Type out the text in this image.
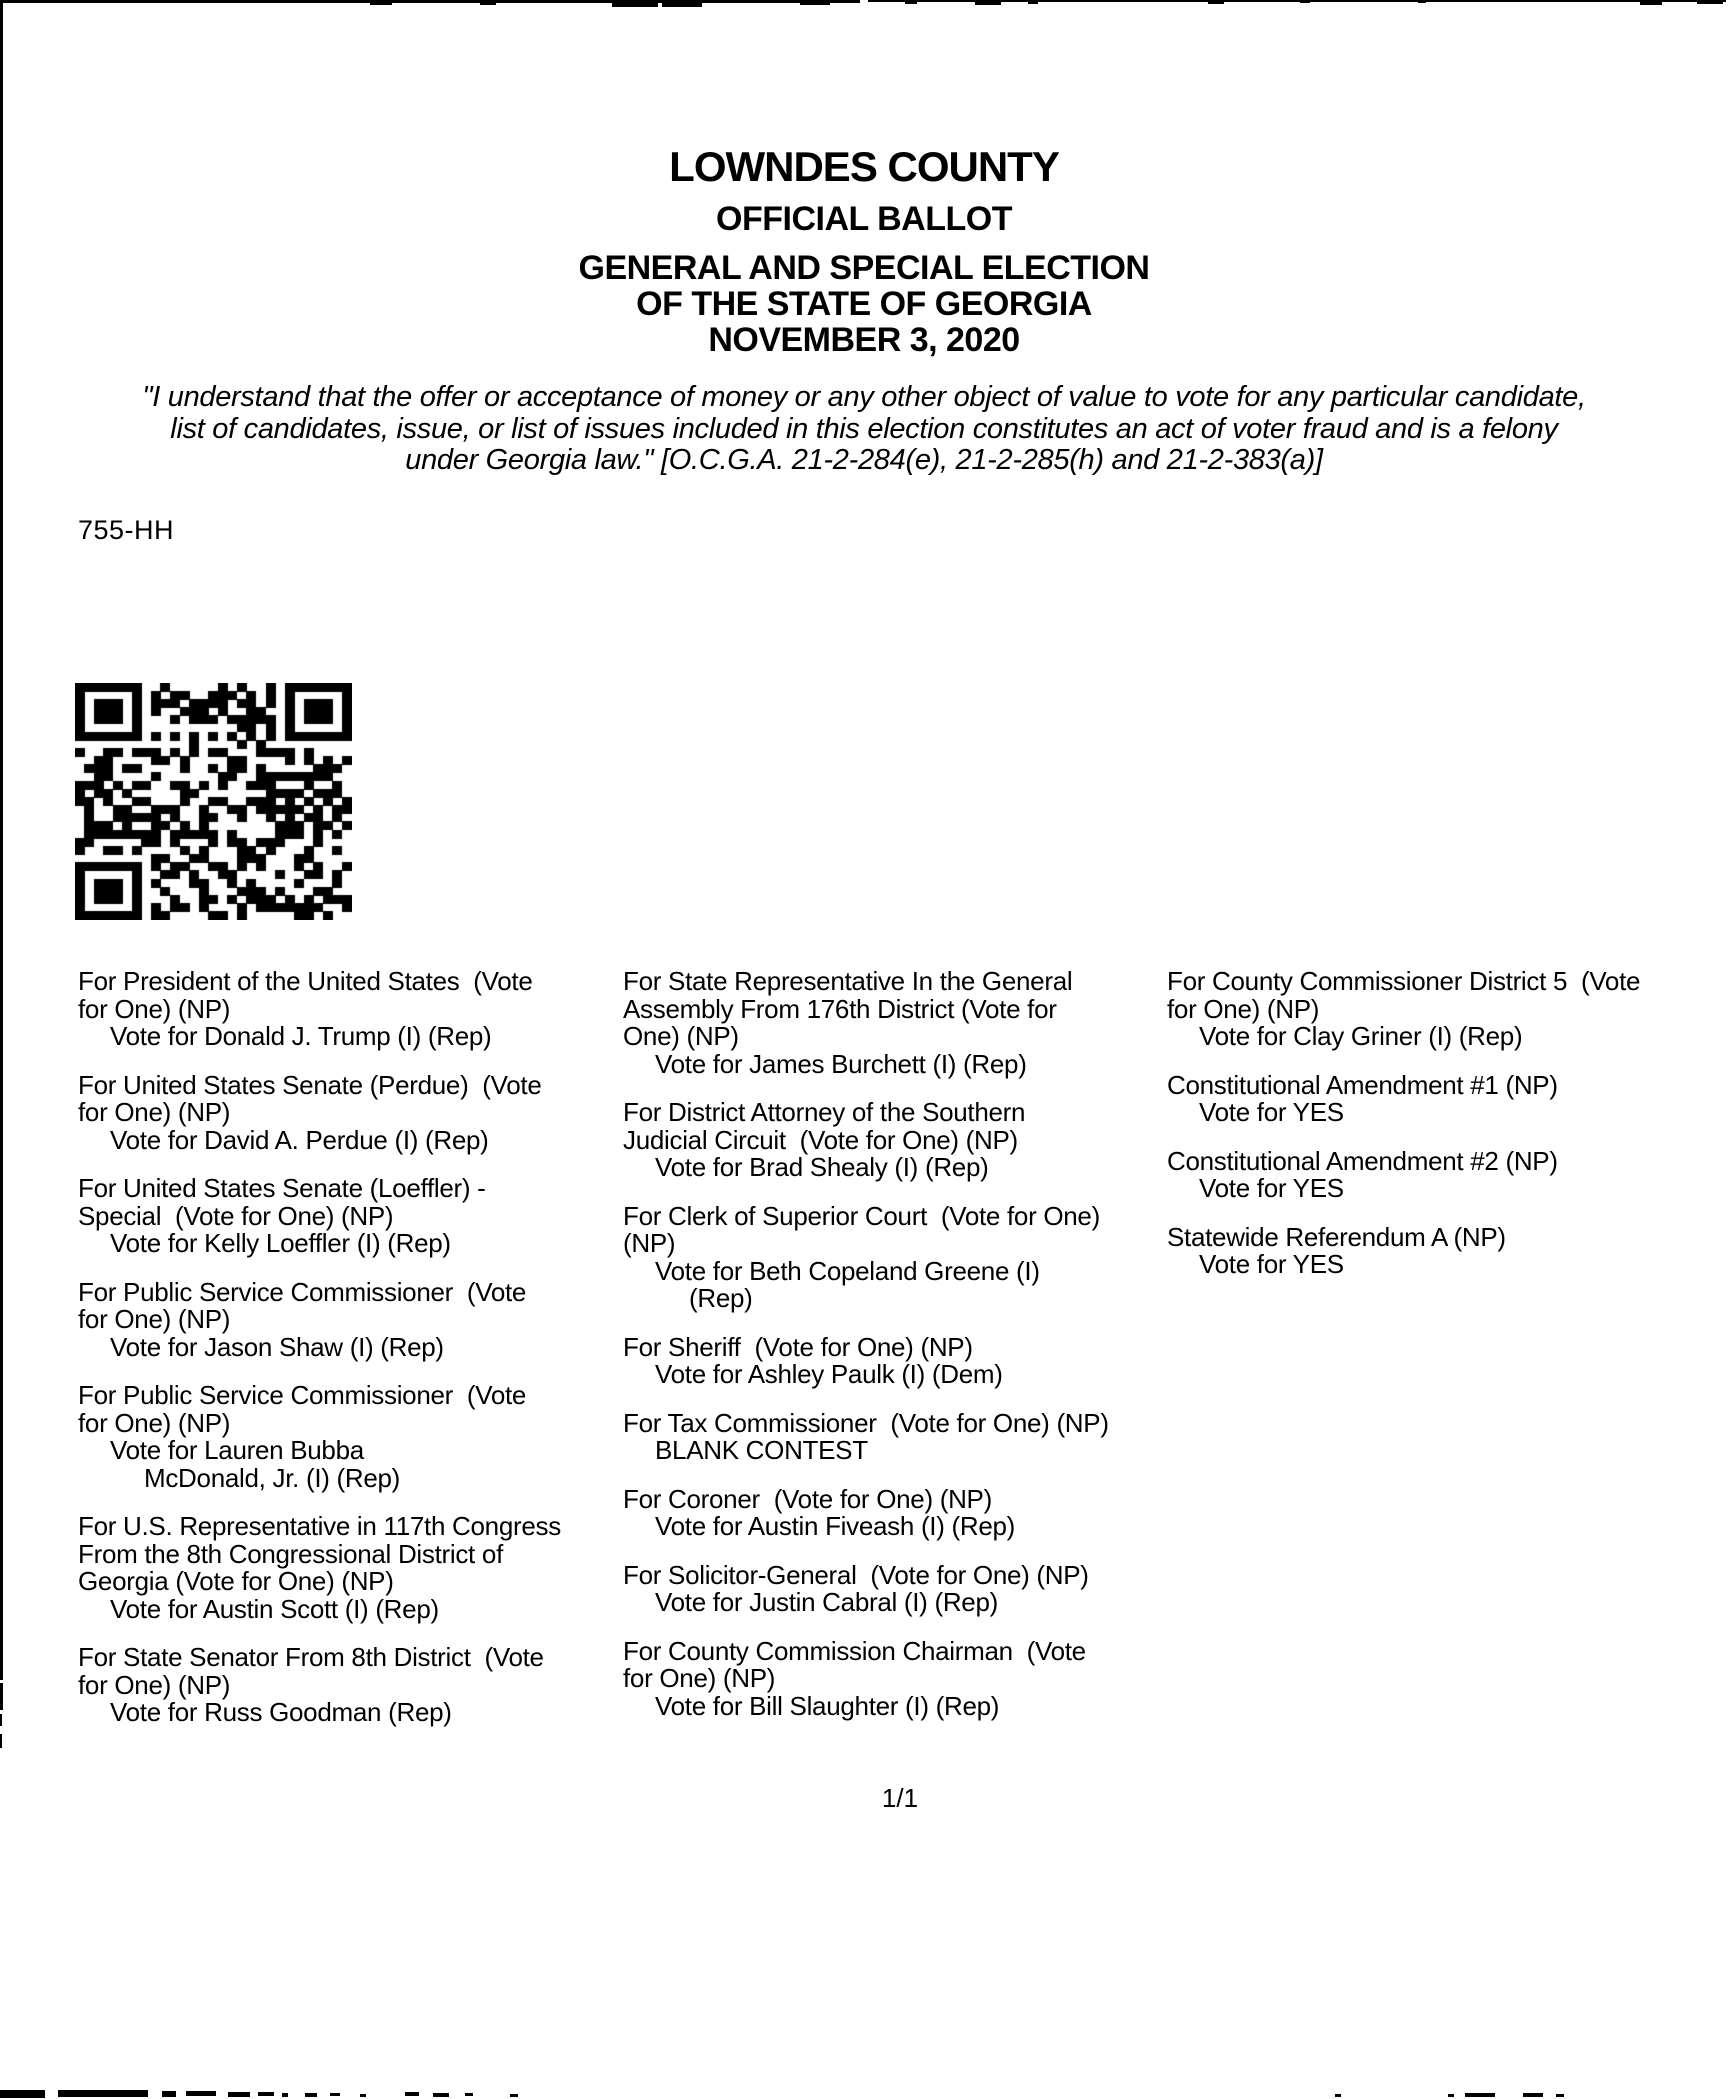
LOWNDES COUNTY
OFFICIAL BALLOT
GENERAL AND SPECIAL ELECTION
OF THE STATE OF GEORGIA
NOVEMBER 3, 2020
"I understand that the offer or acceptance of money or any other object of value to vote for any particular candidate,
list of candidates, issue, or list of issues included in this election constitutes an act of voter fraud and is a felony
under Georgia law." [O.C.G.A. 21-2-284(e), 21-2-285(h) and 21-2-383(a)]
755-HH
For President of the United States  (Vote
for One) (NP)
Vote for Donald J. Trump (I) (Rep)
For United States Senate (Perdue)  (Vote
for One) (NP)
Vote for David A. Perdue (I) (Rep)
For United States Senate (Loeffler) -
Special  (Vote for One) (NP)
Vote for Kelly Loeffler (I) (Rep)
For Public Service Commissioner  (Vote
for One) (NP)
Vote for Jason Shaw (I) (Rep)
For Public Service Commissioner  (Vote
for One) (NP)
Vote for Lauren Bubba
McDonald, Jr. (I) (Rep)
For U.S. Representative in 117th Congress
From the 8th Congressional District of
Georgia (Vote for One) (NP)
Vote for Austin Scott (I) (Rep)
For State Senator From 8th District  (Vote
for One) (NP)
Vote for Russ Goodman (Rep)
For State Representative In the General
Assembly From 176th District (Vote for
One) (NP)
Vote for James Burchett (I) (Rep)
For District Attorney of the Southern
Judicial Circuit  (Vote for One) (NP)
Vote for Brad Shealy (I) (Rep)
For Clerk of Superior Court  (Vote for One)
(NP)
Vote for Beth Copeland Greene (I)
(Rep)
For Sheriff  (Vote for One) (NP)
Vote for Ashley Paulk (I) (Dem)
For Tax Commissioner  (Vote for One) (NP)
BLANK CONTEST
For Coroner  (Vote for One) (NP)
Vote for Austin Fiveash (I) (Rep)
For Solicitor-General  (Vote for One) (NP)
Vote for Justin Cabral (I) (Rep)
For County Commission Chairman  (Vote
for One) (NP)
Vote for Bill Slaughter (I) (Rep)
For County Commissioner District 5  (Vote
for One) (NP)
Vote for Clay Griner (I) (Rep)
Constitutional Amendment #1 (NP)
Vote for YES
Constitutional Amendment #2 (NP)
Vote for YES
Statewide Referendum A (NP)
Vote for YES
1/1
